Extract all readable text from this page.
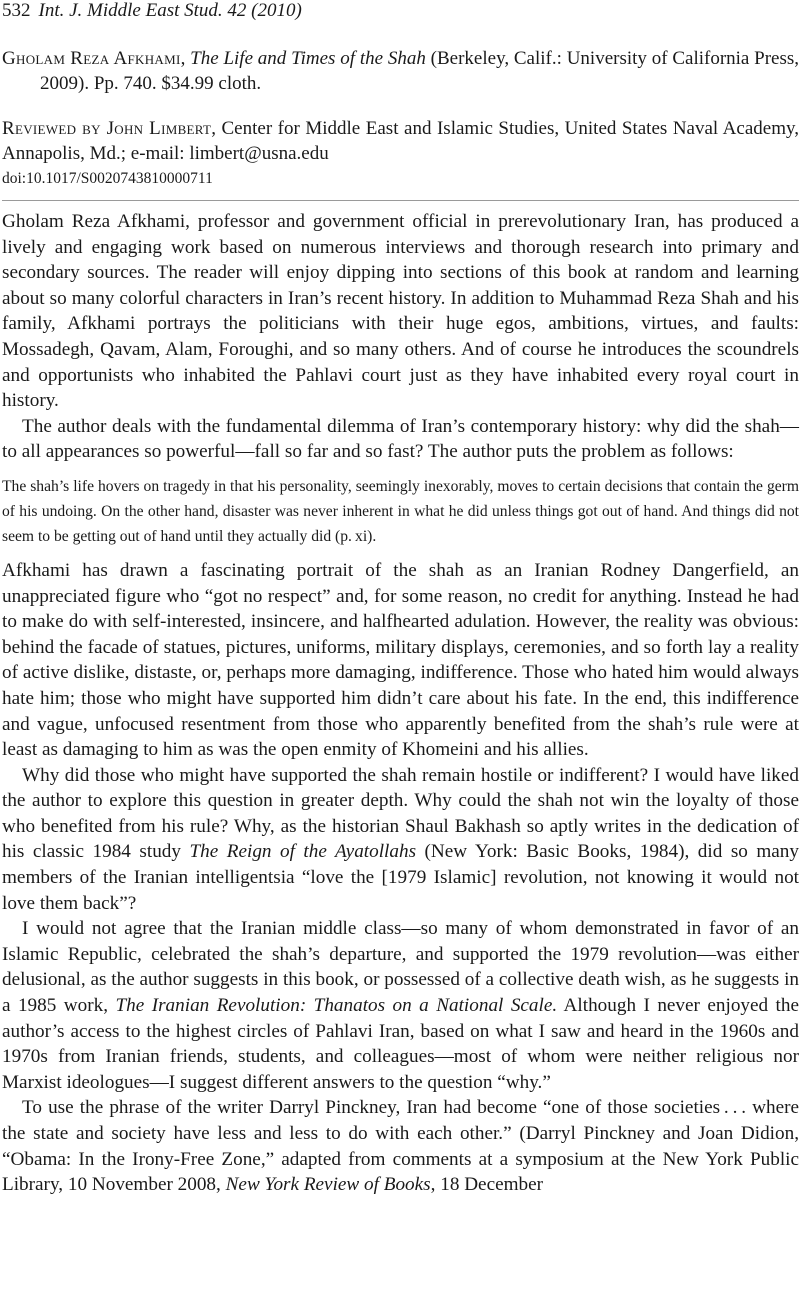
532 Int. J. Middle East Stud. 42 (2010)
Gholam Reza Afkhami, The Life and Times of the Shah (Berkeley, Calif.: University of California Press, 2009). Pp. 740. $34.99 cloth.
Reviewed by John Limbert, Center for Middle East and Islamic Studies, United States Naval Academy, Annapolis, Md.; e-mail: limbert@usna.edu
doi:10.1017/S0020743810000711

Gholam Reza Afkhami, professor and government official in prerevolutionary Iran, has produced a lively and engaging work based on numerous interviews and thorough research into primary and secondary sources. The reader will enjoy dipping into sections of this book at random and learning about so many colorful characters in Iran’s recent history. In addition to Muhammad Reza Shah and his family, Afkhami portrays the politicians with their huge egos, ambitions, virtues, and faults: Mossadegh, Qavam, Alam, Foroughi, and so many others. And of course he introduces the scoundrels and opportunists who inhabited the Pahlavi court just as they have inhabited every royal court in history.

The author deals with the fundamental dilemma of Iran’s contemporary history: why did the shah—to all appearances so powerful—fall so far and so fast? The author puts the problem as follows:

The shah’s life hovers on tragedy in that his personality, seemingly inexorably, moves to certain decisions that contain the germ of his undoing. On the other hand, disaster was never inherent in what he did unless things got out of hand. And things did not seem to be getting out of hand until they actually did (p. xi).

Afkhami has drawn a fascinating portrait of the shah as an Iranian Rodney Dangerfield, an unappreciated figure who “got no respect” and, for some reason, no credit for anything. Instead he had to make do with self-interested, insincere, and halfhearted adulation. However, the reality was obvious: behind the facade of statues, pictures, uniforms, military displays, ceremonies, and so forth lay a reality of active dislike, distaste, or, perhaps more damaging, indifference. Those who hated him would always hate him; those who might have supported him didn’t care about his fate. In the end, this indifference and vague, unfocused resentment from those who apparently benefited from the shah’s rule were at least as damaging to him as was the open enmity of Khomeini and his allies.

Why did those who might have supported the shah remain hostile or indifferent? I would have liked the author to explore this question in greater depth. Why could the shah not win the loyalty of those who benefited from his rule? Why, as the historian Shaul Bakhash so aptly writes in the dedication of his classic 1984 study The Reign of the Ayatollahs (New York: Basic Books, 1984), did so many members of the Iranian intelligentsia “love the [1979 Islamic] revolution, not knowing it would not love them back”?

I would not agree that the Iranian middle class—so many of whom demonstrated in favor of an Islamic Republic, celebrated the shah’s departure, and supported the 1979 revolution—was either delusional, as the author suggests in this book, or possessed of a collective death wish, as he suggests in a 1985 work, The Iranian Revolution: Thanatos on a National Scale. Although I never enjoyed the author’s access to the highest circles of Pahlavi Iran, based on what I saw and heard in the 1960s and 1970s from Iranian friends, students, and colleagues—most of whom were neither religious nor Marxist ideologues—I suggest different answers to the question “why.”

To use the phrase of the writer Darryl Pinckney, Iran had become “one of those societies . . . where the state and society have less and less to do with each other.” (Darryl Pinckney and Joan Didion, “Obama: In the Irony-Free Zone,” adapted from comments at a symposium at the New York Public Library, 10 November 2008, New York Review of Books, 18 December
